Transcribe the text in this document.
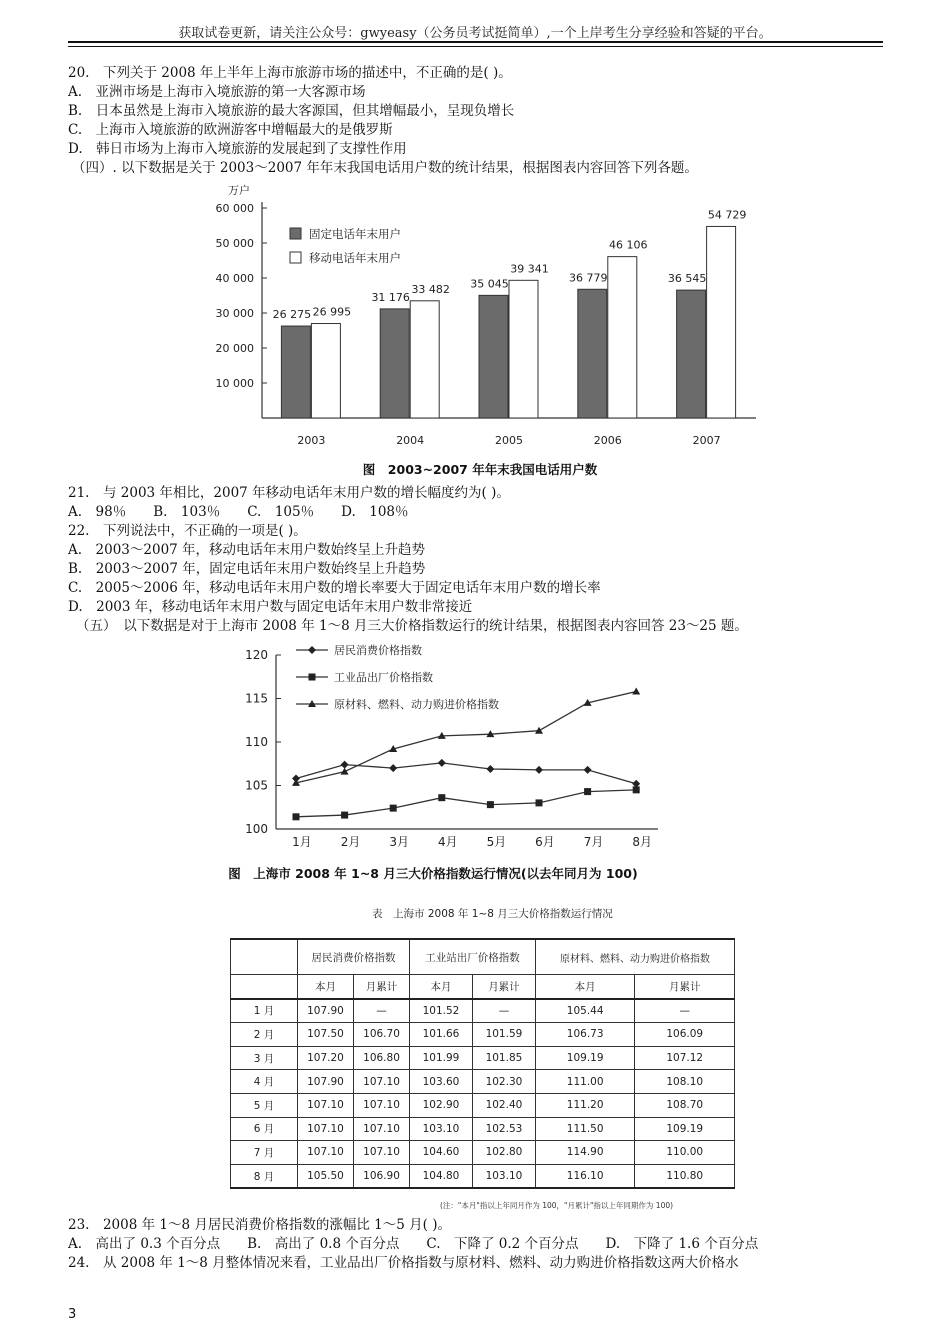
获取试卷更新，请关注公众号：gwyeasy（公务员考试挺简单）,一个上岸考生分享经验和答疑的平台。
20.　下列关于 2008 年上半年上海市旅游市场的描述中，不正确的是( )。
A.　亚洲市场是上海市入境旅游的第一大客源市场
B.　日本虽然是上海市入境旅游的最大客源国，但其增幅最小，呈现负增长
C.　上海市入境旅游的欧洲游客中增幅最大的是俄罗斯
D.　韩日市场为上海市入境旅游的发展起到了支撑性作用
（四）. 以下数据是关于 2003～2007 年年末我国电话用户数的统计结果，根据图表内容回答下列各题。
万户
10 000
20 000
30 000
40 000
50 000
60 000
26 275 26 995
2003
31 176
33 482
2004
35 045
39 341
2005
36 779
46 106
2006
36 545
54 729
2007
固定电话年末用户
移动电话年末用户
图　2003~2007 年年末我国电话用户数
21.　与 2003 年相比，2007 年移动电话年末用户数的增长幅度约为( )。
A.　98％　　B.　103％　　C.　105％　　D.　108％
22.　下列说法中，不正确的一项是( )。
A.　2003～2007 年，移动电话年末用户数始终呈上升趋势
B.　2003～2007 年，固定电话年末用户数始终呈上升趋势
C.　2005～2006 年，移动电话年末用户数的增长率要大于固定电话年末用户数的增长率
D.　2003 年，移动电话年末用户数与固定电话年末用户数非常接近
（五）　以下数据是对于上海市 2008 年 1～8 月三大价格指数运行的统计结果，根据图表内容回答 23～25 题。
100
105
110
115
120
1月 2月 3月 4月 5月 6月 7月 8月
居民消费价格指数
工业品出厂价格指数
原材料、燃料、动力购进价格指数
图　上海市 2008 年 1~8 月三大价格指数运行情况(以去年同月为 100)
表　上海市 2008 年 1~8 月三大价格指数运行情况
	居民消费价格指数		工业站出厂价格指数		原材料、燃料、动力购进价格指数	
	本月	月累计	本月	月累计	本月	月累计
1 月	107.90	—	101.52	—	105.44	—
2 月	107.50	106.70	101.66	101.59	106.73	106.09
3 月	107.20	106.80	101.99	101.85	109.19	107.12
4 月	107.90	107.10	103.60	102.30	111.00	108.10
5 月	107.10	107.10	102.90	102.40	111.20	108.70
6 月	107.10	107.10	103.10	102.53	111.50	109.19
7 月	107.10	107.10	104.60	102.80	114.90	110.00
8 月	105.50	106.90	104.80	103.10	116.10	110.80
(注："本月"指以上年同月作为 100，"月累计"指以上年同期作为 100)
23.　2008 年 1～8 月居民消费价格指数的涨幅比 1～5 月( )。
A.　高出了 0.3 个百分点　　B.　高出了 0.8 个百分点　　C.　下降了 0.2 个百分点　　D.　下降了 1.6 个百分点
24.　从 2008 年 1～8 月整体情况来看，工业品出厂价格指数与原材料、燃料、动力购进价格指数这两大价格水
3
